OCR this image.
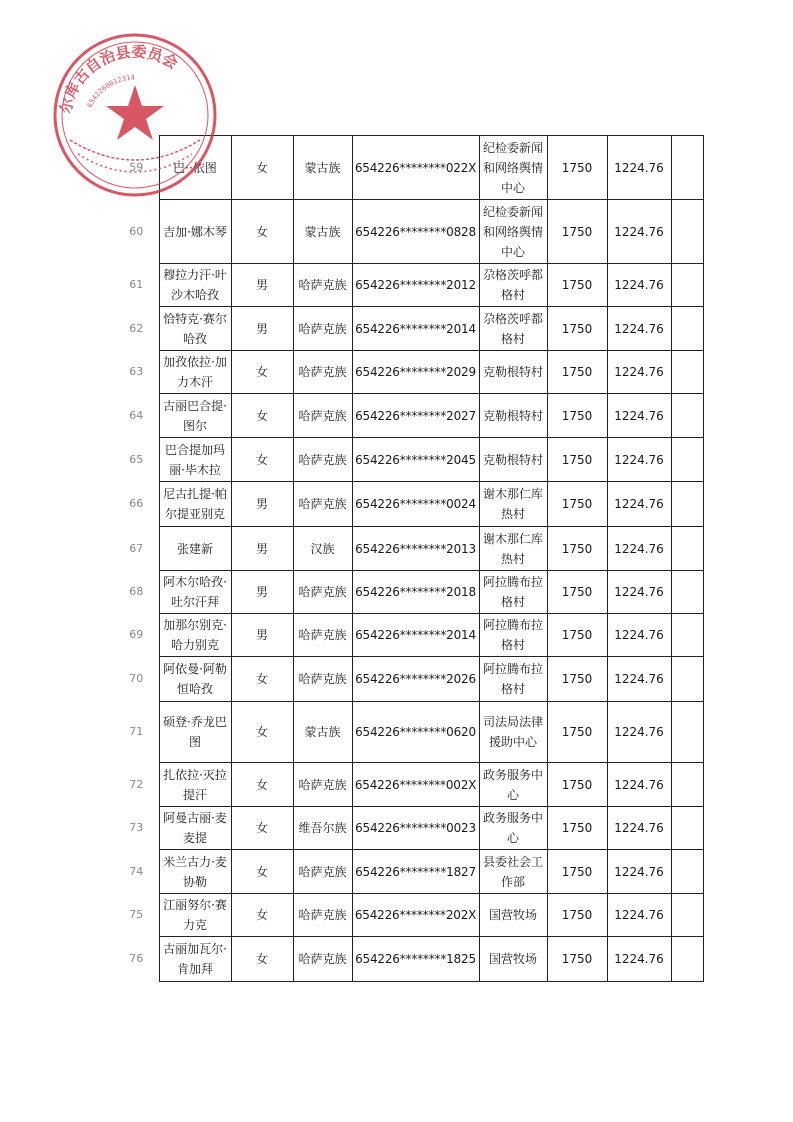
59	巴··依图	女	蒙古族	654226********022X	纪检委新闻和网络舆情中心	1750	1224.76	
60	吉加·娜木琴	女	蒙古族	654226********0828	纪检委新闻和网络舆情中心	1750	1224.76	
61	穆拉力汗·叶沙木哈孜	男	哈萨克族	654226********2012	尕格茨呼都格村	1750	1224.76	
62	恰特克·赛尔哈孜	男	哈萨克族	654226********2014	尕格茨呼都格村	1750	1224.76	
63	加孜依拉·加力木汗	女	哈萨克族	654226********2029	克勒根特村	1750	1224.76	
64	古丽巴合提·图尔	女	哈萨克族	654226********2027	克勒根特村	1750	1224.76	
65	巴合提加玛丽·毕木拉	女	哈萨克族	654226********2045	克勒根特村	1750	1224.76	
66	尼古扎提·帕尔提亚别克	男	哈萨克族	654226********0024	谢木那仁库热村	1750	1224.76	
67	张建新	男	汉族	654226********2013	谢木那仁库热村	1750	1224.76	
68	阿木尔哈孜·吐尔汗拜	男	哈萨克族	654226********2018	阿拉腾布拉格村	1750	1224.76	
69	加那尔别克·哈力别克	男	哈萨克族	654226********2014	阿拉腾布拉格村	1750	1224.76	
70	阿依曼·阿勒恒哈孜	女	哈萨克族	654226********2026	阿拉腾布拉格村	1750	1224.76	
71	硕登·乔龙巴图	女	蒙古族	654226********0620	司法局法律援助中心	1750	1224.76	
72	扎依拉·灭拉提汗	女	哈萨克族	654226********002X	政务服务中心	1750	1224.76	
73	阿曼古丽·麦麦提	女	维吾尔族	654226********0023	政务服务中心	1750	1224.76	
74	米兰古力·麦协勒	女	哈萨克族	654226********1827	县委社会工作部	1750	1224.76	
75	江丽努尔·赛力克	女	哈萨克族	654226********202X	国营牧场	1750	1224.76	
76	古丽加瓦尔·肯加拜	女	哈萨克族	654226********1825	国营牧场	1750	1224.76	
尔库古自治县委员会
6542260012314
